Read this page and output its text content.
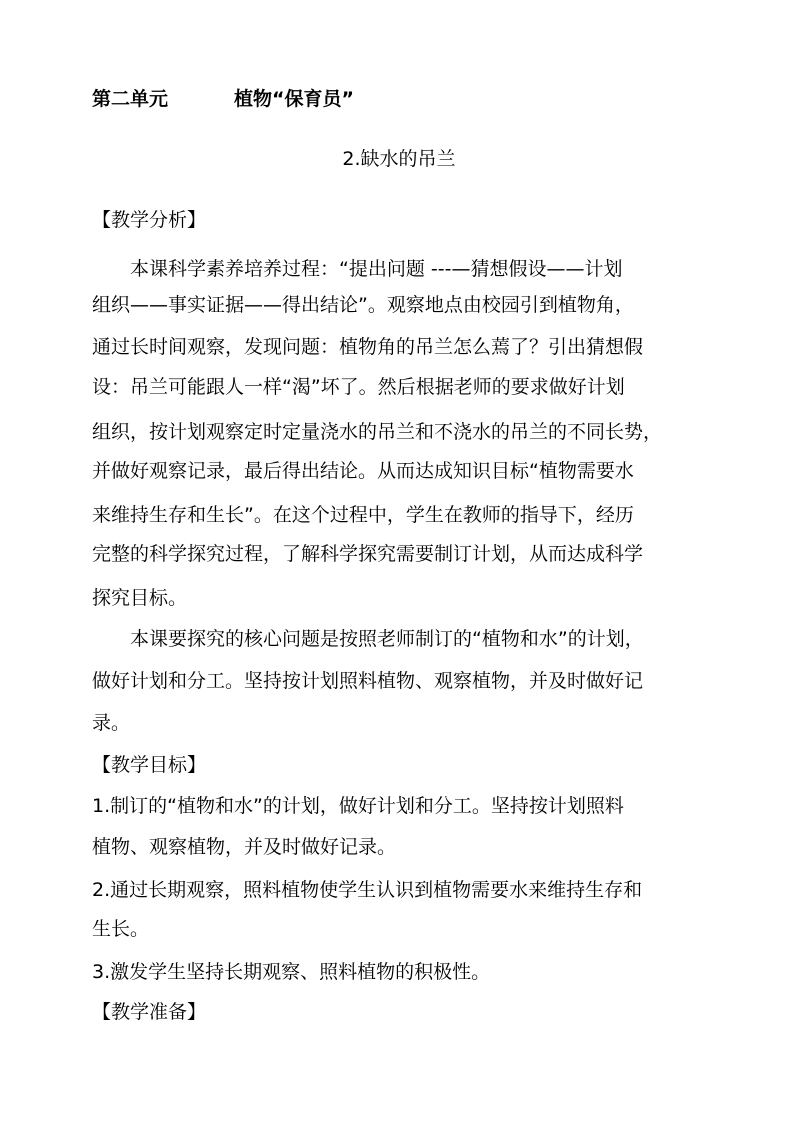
第二单元	植物“保育员”
2.缺水的吊兰
【教学分析】
本课科学素养培养过程：“提出问题 ---—猜想假设——计划
组织——事实证据——得出结论”。观察地点由校园引到植物角，
通过长时间观察，发现问题：植物角的吊兰怎么蔫了？引出猜想假
设：吊兰可能跟人一样“渴”坏了。然后根据老师的要求做好计划
组织，按计划观察定时定量浇水的吊兰和不浇水的吊兰的不同长势，
并做好观察记录，最后得出结论。从而达成知识目标“植物需要水
来维持生存和生长”。在这个过程中，学生在教师的指导下，经历
完整的科学探究过程，了解科学探究需要制订计划，从而达成科学
探究目标。
本课要探究的核心问题是按照老师制订的“植物和水”的计划，
做好计划和分工。坚持按计划照料植物、观察植物，并及时做好记
录。
【教学目标】
1.制订的“植物和水”的计划，做好计划和分工。坚持按计划照料
植物、观察植物，并及时做好记录。
2.通过长期观察，照料植物使学生认识到植物需要水来维持生存和
生长。
3.激发学生坚持长期观察、照料植物的积极性。
【教学准备】
